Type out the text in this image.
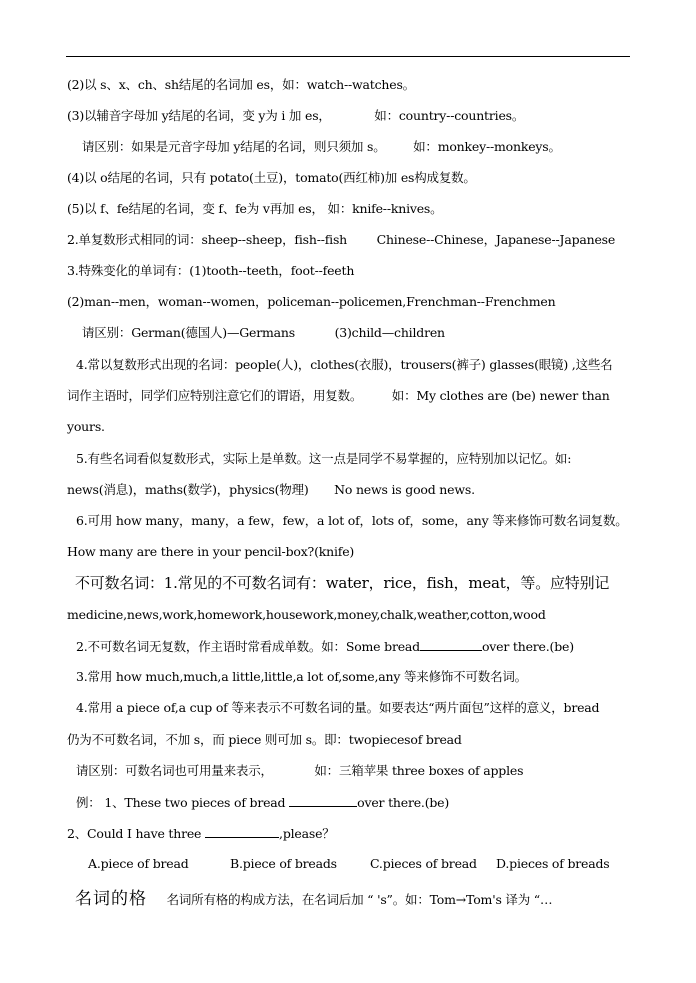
(2)以 s、x、ch、sh结尾的名词加 es，如：watch--watches。
(3)以辅音字母加 y结尾的名词，变 y为 i 加 es，	如：country--countries。
请区别：如果是元音字母加 y结尾的名词，则只须加 s。 如：monkey--monkeys。
(4)以 o结尾的名词，只有 potato(土豆)，tomato(西红柿)加 es构成复数。
(5)以 f、fe结尾的名词，变 f、fe为 v再加 es， 如：knife--knives。
2.单复数形式相同的词：sheep--sheep，fish--fish Chinese--Chinese，Japanese--Japanese
3.特殊变化的单词有：(1)tooth--teeth，foot--feeth
(2)man--men，woman--women，policeman--policemen,Frenchman--Frenchmen
请区别：German(德国人)—Germans	(3)child—children
4.常以复数形式出现的名词：people(人)，clothes(衣服)，trousers(裤子) glasses(眼镜) ,这些名
词作主语时，同学们应特别注意它们的谓语，用复数。 如：My clothes are (be) newer than
yours.
5.有些名词看似复数形式，实际上是单数。这一点是同学不易掌握的，应特别加以记忆。如:
news(消息)，maths(数学)，physics(物理) No news is good news.
6.可用 how many，many，a few，few，a lot of，lots of，some，any 等来修饰可数名词复数。
How many are there in your pencil-box?(knife)
不可数名词：1.常见的不可数名词有：water，rice，fish，meat，等。应特别记
medicine,news,work,homework,housework,money,chalk,weather,cotton,wood
2.不可数名词无复数，作主语时常看成单数。如：Some bread	over there.(be)
3.常用 how much,much,a little,little,a lot of,some,any 等来修饰不可数名词。
4.常用 a piece of,a cup of 等来表示不可数名词的量。如要表达“两片面包”这样的意义，bread
仍为不可数名词，不加 s，而 piece 则可加 s。即：twopiecesof bread
请区别：可数名词也可用量来表示，	如：三箱苹果 three boxes of apples
例： 1、These two pieces of bread	over there.(be)
2、Could I have three	,please？
A.piece of bread	B.piece of breads	C.pieces of bread D.pieces of breads
名词的格 名词所有格的构成方法，在名词后加 “ 's”。如：Tom→Tom's 译为 “…
